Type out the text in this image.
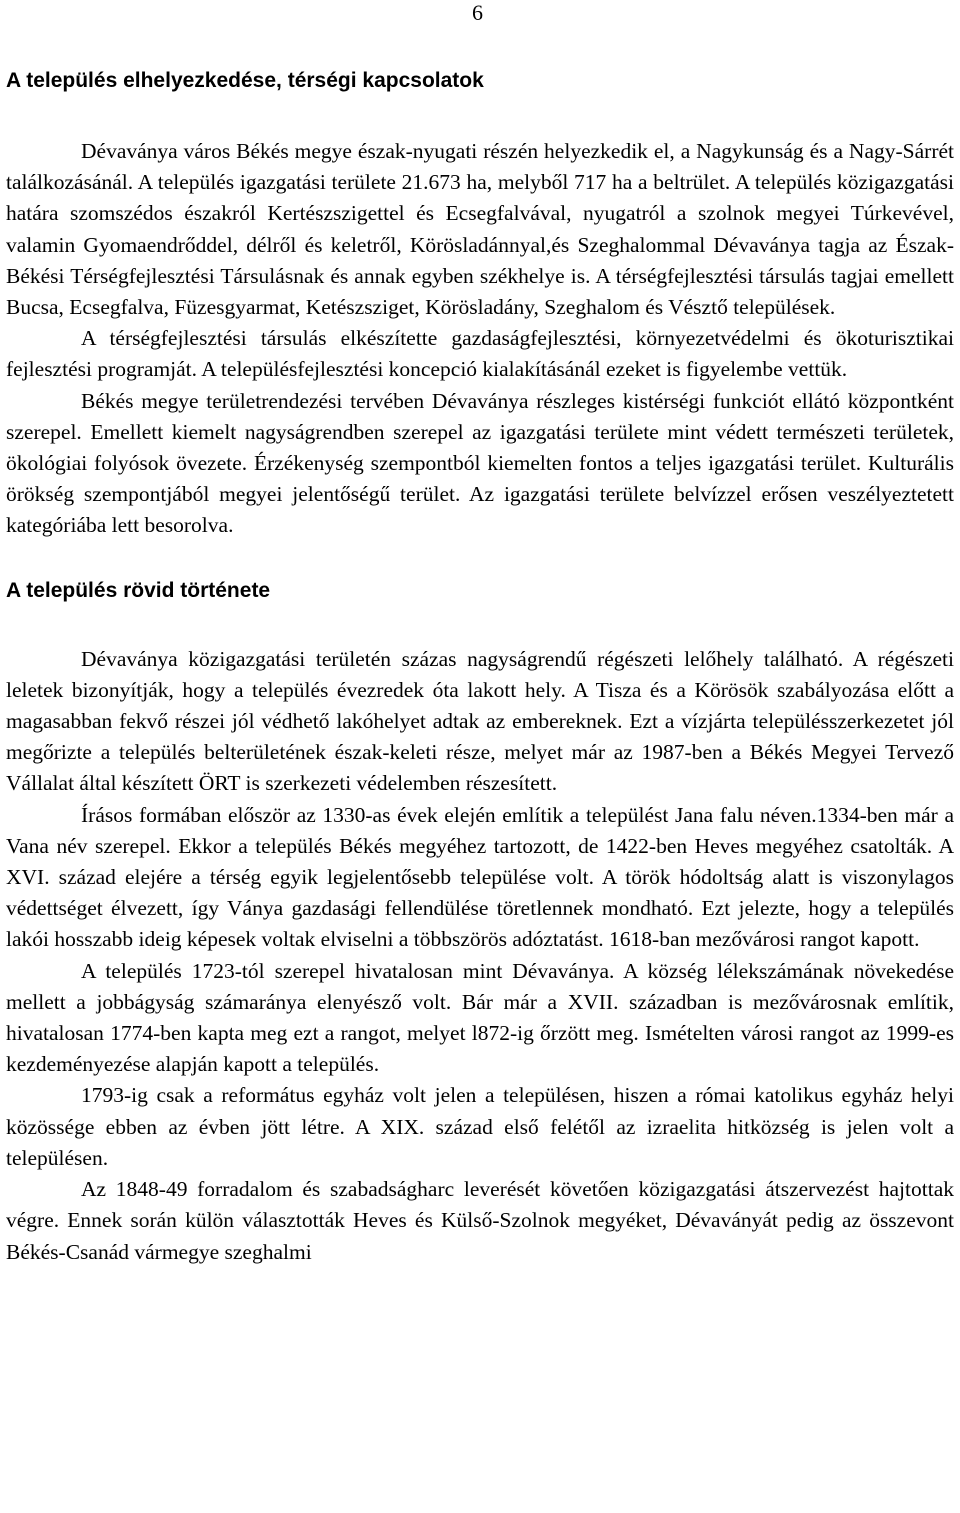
6
A település elhelyezkedése, térségi kapcsolatok

Dévaványa város Békés megye észak-nyugati részén helyezkedik el, a Nagykunság és a Nagy-Sárrét találkozásánál. A település igazgatási területe 21.673 ha, melyből 717 ha a beltrület. A település közigazgatási határa szomszédos északról Kertészszigettel és Ecsegfalvával, nyugatról a szolnok megyei Túrkevével, valamin Gyomaendrőddel, délről és keletről, Körösladánnyal,és Szeghalommal Dévaványa tagja az Észak-Békési Térségfejlesztési Társulásnak és annak egyben székhelye is. A térségfejlesztési társulás tagjai emellett Bucsa, Ecsegfalva, Füzesgyarmat, Ketészsziget, Körösladány, Szeghalom és Vésztő települések.

A térségfejlesztési társulás elkészítette gazdaságfejlesztési, környezetvédelmi és ökoturisztikai fejlesztési programját. A településfejlesztési koncepció kialakításánál ezeket is figyelembe vettük.

Békés megye területrendezési tervében Dévaványa részleges kistérségi funkciót ellátó központként szerepel. Emellett kiemelt nagyságrendben szerepel az igazgatási területe mint védett természeti területek, ökológiai folyósok övezete. Érzékenység szempontból kiemelten fontos a teljes igazgatási terület. Kulturális örökség szempontjából megyei jelentőségű terület. Az igazgatási területe belvízzel erősen veszélyeztetett kategóriába lett besorolva.

A település rövid története

Dévaványa közigazgatási területén százas nagyságrendű régészeti lelőhely található. A régészeti leletek bizonyítják, hogy a település évezredek óta lakott hely. A Tisza és a Körösök szabályozása előtt a magasabban fekvő részei jól védhető lakóhelyet adtak az embereknek. Ezt a vízjárta településszerkezetet jól megőrizte a település belterületének észak-keleti része, melyet már az 1987-ben a Békés Megyei Tervező Vállalat által készített ÖRT is szerkezeti védelemben részesített.

Írásos formában először az 1330-as évek elején említik a települést Jana falu néven.1334-ben már a Vana név szerepel. Ekkor a település Békés megyéhez tartozott, de 1422-ben Heves megyéhez csatolták. A XVI. század elejére a térség egyik legjelentősebb települése volt. A török hódoltság alatt is viszonylagos védettséget élvezett, így Ványa gazdasági fellendülése töretlennek mondható. Ezt jelezte, hogy a település lakói hosszabb ideig képesek voltak elviselni a többszörös adóztatást. 1618-ban mezővárosi rangot kapott.

A település 1723-tól szerepel hivatalosan mint Dévaványa. A község lélekszámának növekedése mellett a jobbágyság számaránya elenyésző volt. Bár már a XVII. században is mezővárosnak említik, hivatalosan 1774-ben kapta meg ezt a rangot, melyet l872-ig őrzött meg. Ismételten városi rangot az 1999-es kezdeményezése alapján kapott a település.

1793-ig csak a református egyház volt jelen a településen, hiszen a római katolikus egyház helyi közössége ebben az évben jött létre. A XIX. század első felétől az izraelita hitközség is jelen volt a településen.

Az 1848-49 forradalom és szabadságharc leverését követően közigazgatási átszervezést hajtottak végre. Ennek során külön választották Heves és Külső-Szolnok megyéket, Dévaványát pedig az összevont Békés-Csanád vármegye szeghalmi
